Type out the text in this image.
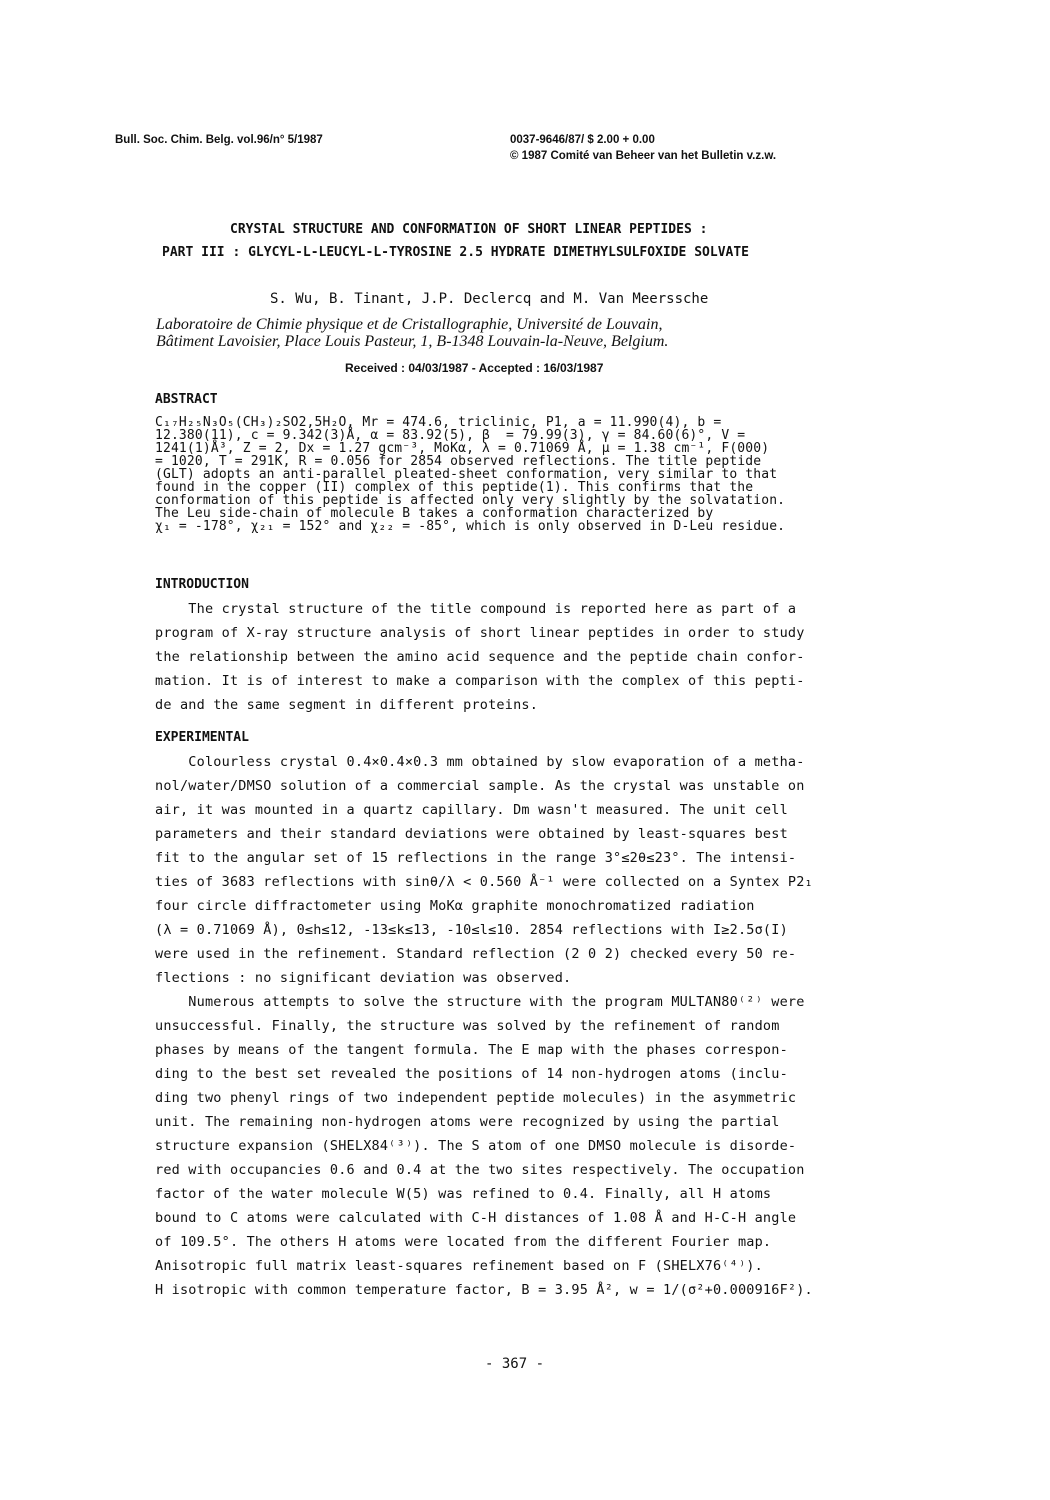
Bull. Soc. Chim. Belg. vol.96/n° 5/1987	0037-9646/87/ $ 2.00 + 0.00
© 1987 Comité van Beheer van het Bulletin v.z.w.
CRYSTAL STRUCTURE AND CONFORMATION OF SHORT LINEAR PEPTIDES :
PART III : GLYCYL-L-LEUCYL-L-TYROSINE 2.5 HYDRATE DIMETHYLSULFOXIDE SOLVATE
S. Wu, B. Tinant, J.P. Declercq and M. Van Meerssche
Laboratoire de Chimie physique et de Cristallographie, Université de Louvain,
Bâtiment Lavoisier, Place Louis Pasteur, 1, B-1348 Louvain-la-Neuve, Belgium.
Received : 04/03/1987 - Accepted : 16/03/1987
ABSTRACT
C₁₇H₂₅N₃O₅(CH₃)₂SO2,5H₂O, Mr = 474.6, triclinic, P1, a = 11.990(4), b =
12.380(11), c = 9.342(3)Å, α = 83.92(5), β  = 79.99(3), γ = 84.60(6)°, V =
1241(1)Å³, Z = 2, Dx = 1.27 gcm⁻³, MoKα, λ = 0.71069 Å, μ = 1.38 cm⁻¹, F(000)
= 1020, T = 291K, R = 0.056 for 2854 observed reflections. The title peptide
(GLT) adopts an anti-parallel pleated-sheet conformation, very similar to that
found in the copper (II) complex of this peptide(1). This confirms that the
conformation of this peptide is affected only very slightly by the solvatation.
The Leu side-chain of molecule B takes a conformation characterized by
χ₁ = -178°, χ₂₁ = 152° and χ₂₂ = -85°, which is only observed in D-Leu residue.
INTRODUCTION
The crystal structure of the title compound is reported here as part of a
program of X-ray structure analysis of short linear peptides in order to study
the relationship between the amino acid sequence and the peptide chain confor-
mation. It is of interest to make a comparison with the complex of this pepti-
de and the same segment in different proteins.
EXPERIMENTAL
Colourless crystal 0.4×0.4×0.3 mm obtained by slow evaporation of a metha-
nol/water/DMSO solution of a commercial sample. As the crystal was unstable on
air, it was mounted in a quartz capillary. Dm wasn't measured. The unit cell
parameters and their standard deviations were obtained by least-squares best
fit to the angular set of 15 reflections in the range 3°≤2θ≤23°. The intensi-
ties of 3683 reflections with sinθ/λ < 0.560 Å⁻¹ were collected on a Syntex P2₁
four circle diffractometer using MoKα graphite monochromatized radiation
(λ = 0.71069 Å), 0≤h≤12, -13≤k≤13, -10≤l≤10. 2854 reflections with I≥2.5σ(I)
were used in the refinement. Standard reflection (2 0 2) checked every 50 re-
flections : no significant deviation was observed.
Numerous attempts to solve the structure with the program MULTAN80⁽²⁾ were
unsuccessful. Finally, the structure was solved by the refinement of random
phases by means of the tangent formula. The E map with the phases correspon-
ding to the best set revealed the positions of 14 non-hydrogen atoms (inclu-
ding two phenyl rings of two independent peptide molecules) in the asymmetric
unit. The remaining non-hydrogen atoms were recognized by using the partial
structure expansion (SHELX84⁽³⁾). The S atom of one DMSO molecule is disorde-
red with occupancies 0.6 and 0.4 at the two sites respectively. The occupation
factor of the water molecule W(5) was refined to 0.4. Finally, all H atoms
bound to C atoms were calculated with C-H distances of 1.08 Å and H-C-H angle
of 109.5°. The others H atoms were located from the different Fourier map.
Anisotropic full matrix least-squares refinement based on F (SHELX76⁽⁴⁾).
H isotropic with common temperature factor, B = 3.95 Å², w = 1/(σ²+0.000916F²).
- 367 -
